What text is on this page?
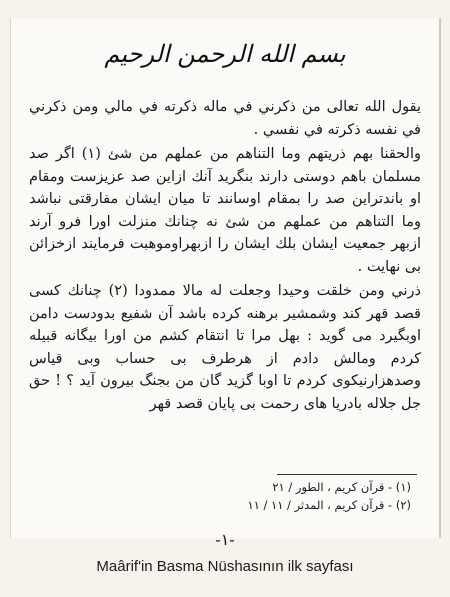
بسم الله الرحمن الرحيم

يقول الله تعالى من ذكرني في ماله ذكرته في مالي ومن ذكرني في نفسه ذكرته في نفسي .

والحقنا بهم ذريتهم وما التناهم من عملهم من شئ (١) اگر صد مسلمان باهم دوستی دارند بنگريد آنك ازاين صد عزيزست ومقام او باندتراين صد را بمقام اوسانند تا ميان ايشان مفارقتی نباشد وما التناهم من عملهم من شئ نه چنانك منزلت اورا فرو آرند ازبهر جمعيت ايشان بلك ايشان را ازبهراوموهبت فرمايند ازخزائن بی نهايت .

ذرني ومن خلقت وحيدا وجعلت له مالا ممدودا (٢) چنانك کسی قصد قهر كند وشمشير برهنه كرده باشد آن شفيع بدودست دامن اوبگيرد می گويد : بهل مرا تا انتقام كشم من اورا بيگانه قبيله كردم ومالش دادم از هرطرف بی حساب وبی قياس وصدهزارنيكوی كردم تا اوبا گزيد گان من بجنگ بيرون آيد ؟ ! حق جل جلاله بادريا های رحمت بی پايان قصد قهر

(١) - قرآن كريم ، الطور / ٢١
(٢) - قرآن كريم ، المدثر / ١١ / ١١
-١-
Maârif'in Basma Nüshasının ilk sayfası
